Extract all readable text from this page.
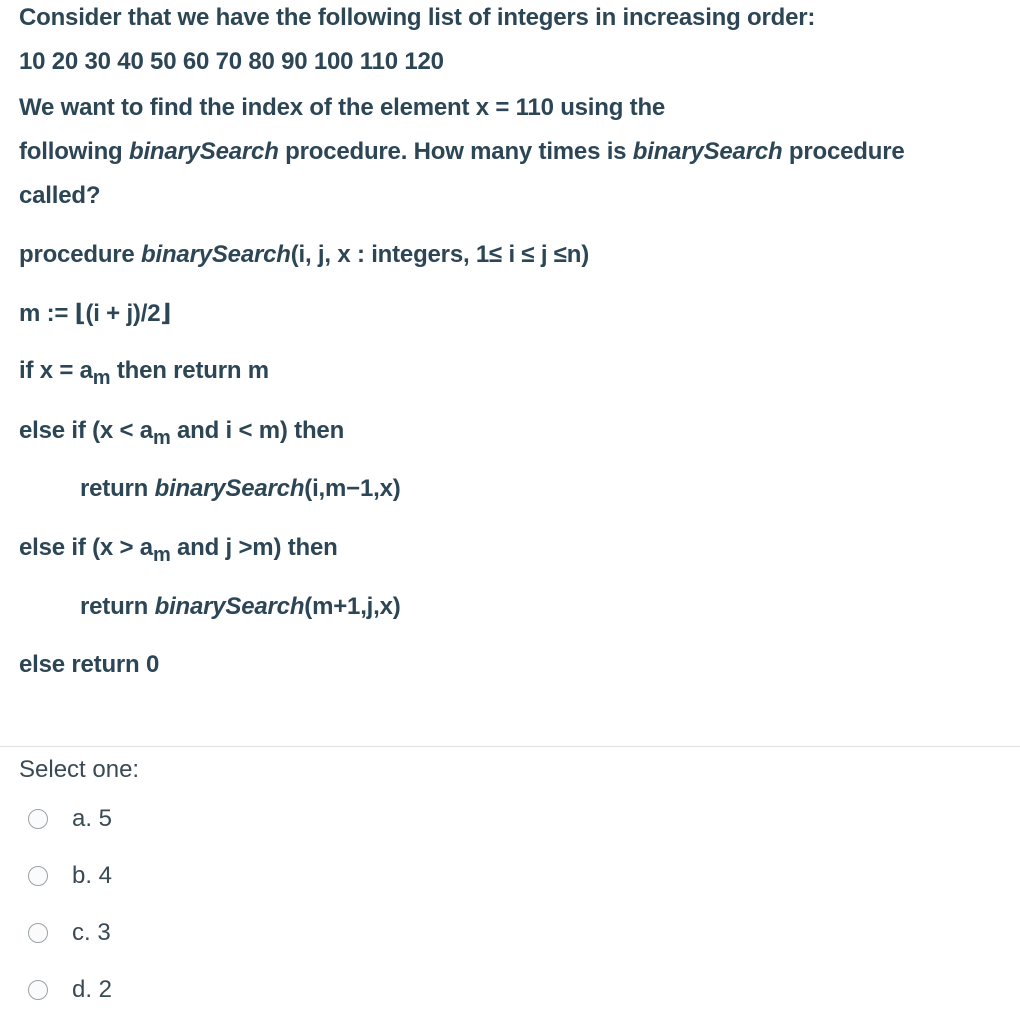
Consider that we have the following list of integers in increasing order:
10 20 30 40 50 60 70 80 90 100 110 120
We want to find the index of the element x = 110 using the
following binarySearch procedure. How many times is binarySearch procedure
called?
procedure binarySearch(i, j, x : integers, 1≤ i ≤ j ≤n)
m := ⌊(i + j)/2⌋
if $x = a_m$ then return m
else if ($x < a_m$ and i < m) then
return binarySearch(i,m−1,x)
else if ($x > a_m$ and j >m) then
return binarySearch(m+1,j,x)
else return 0
Select one:
a. 5
b. 4
c. 3
d. 2
